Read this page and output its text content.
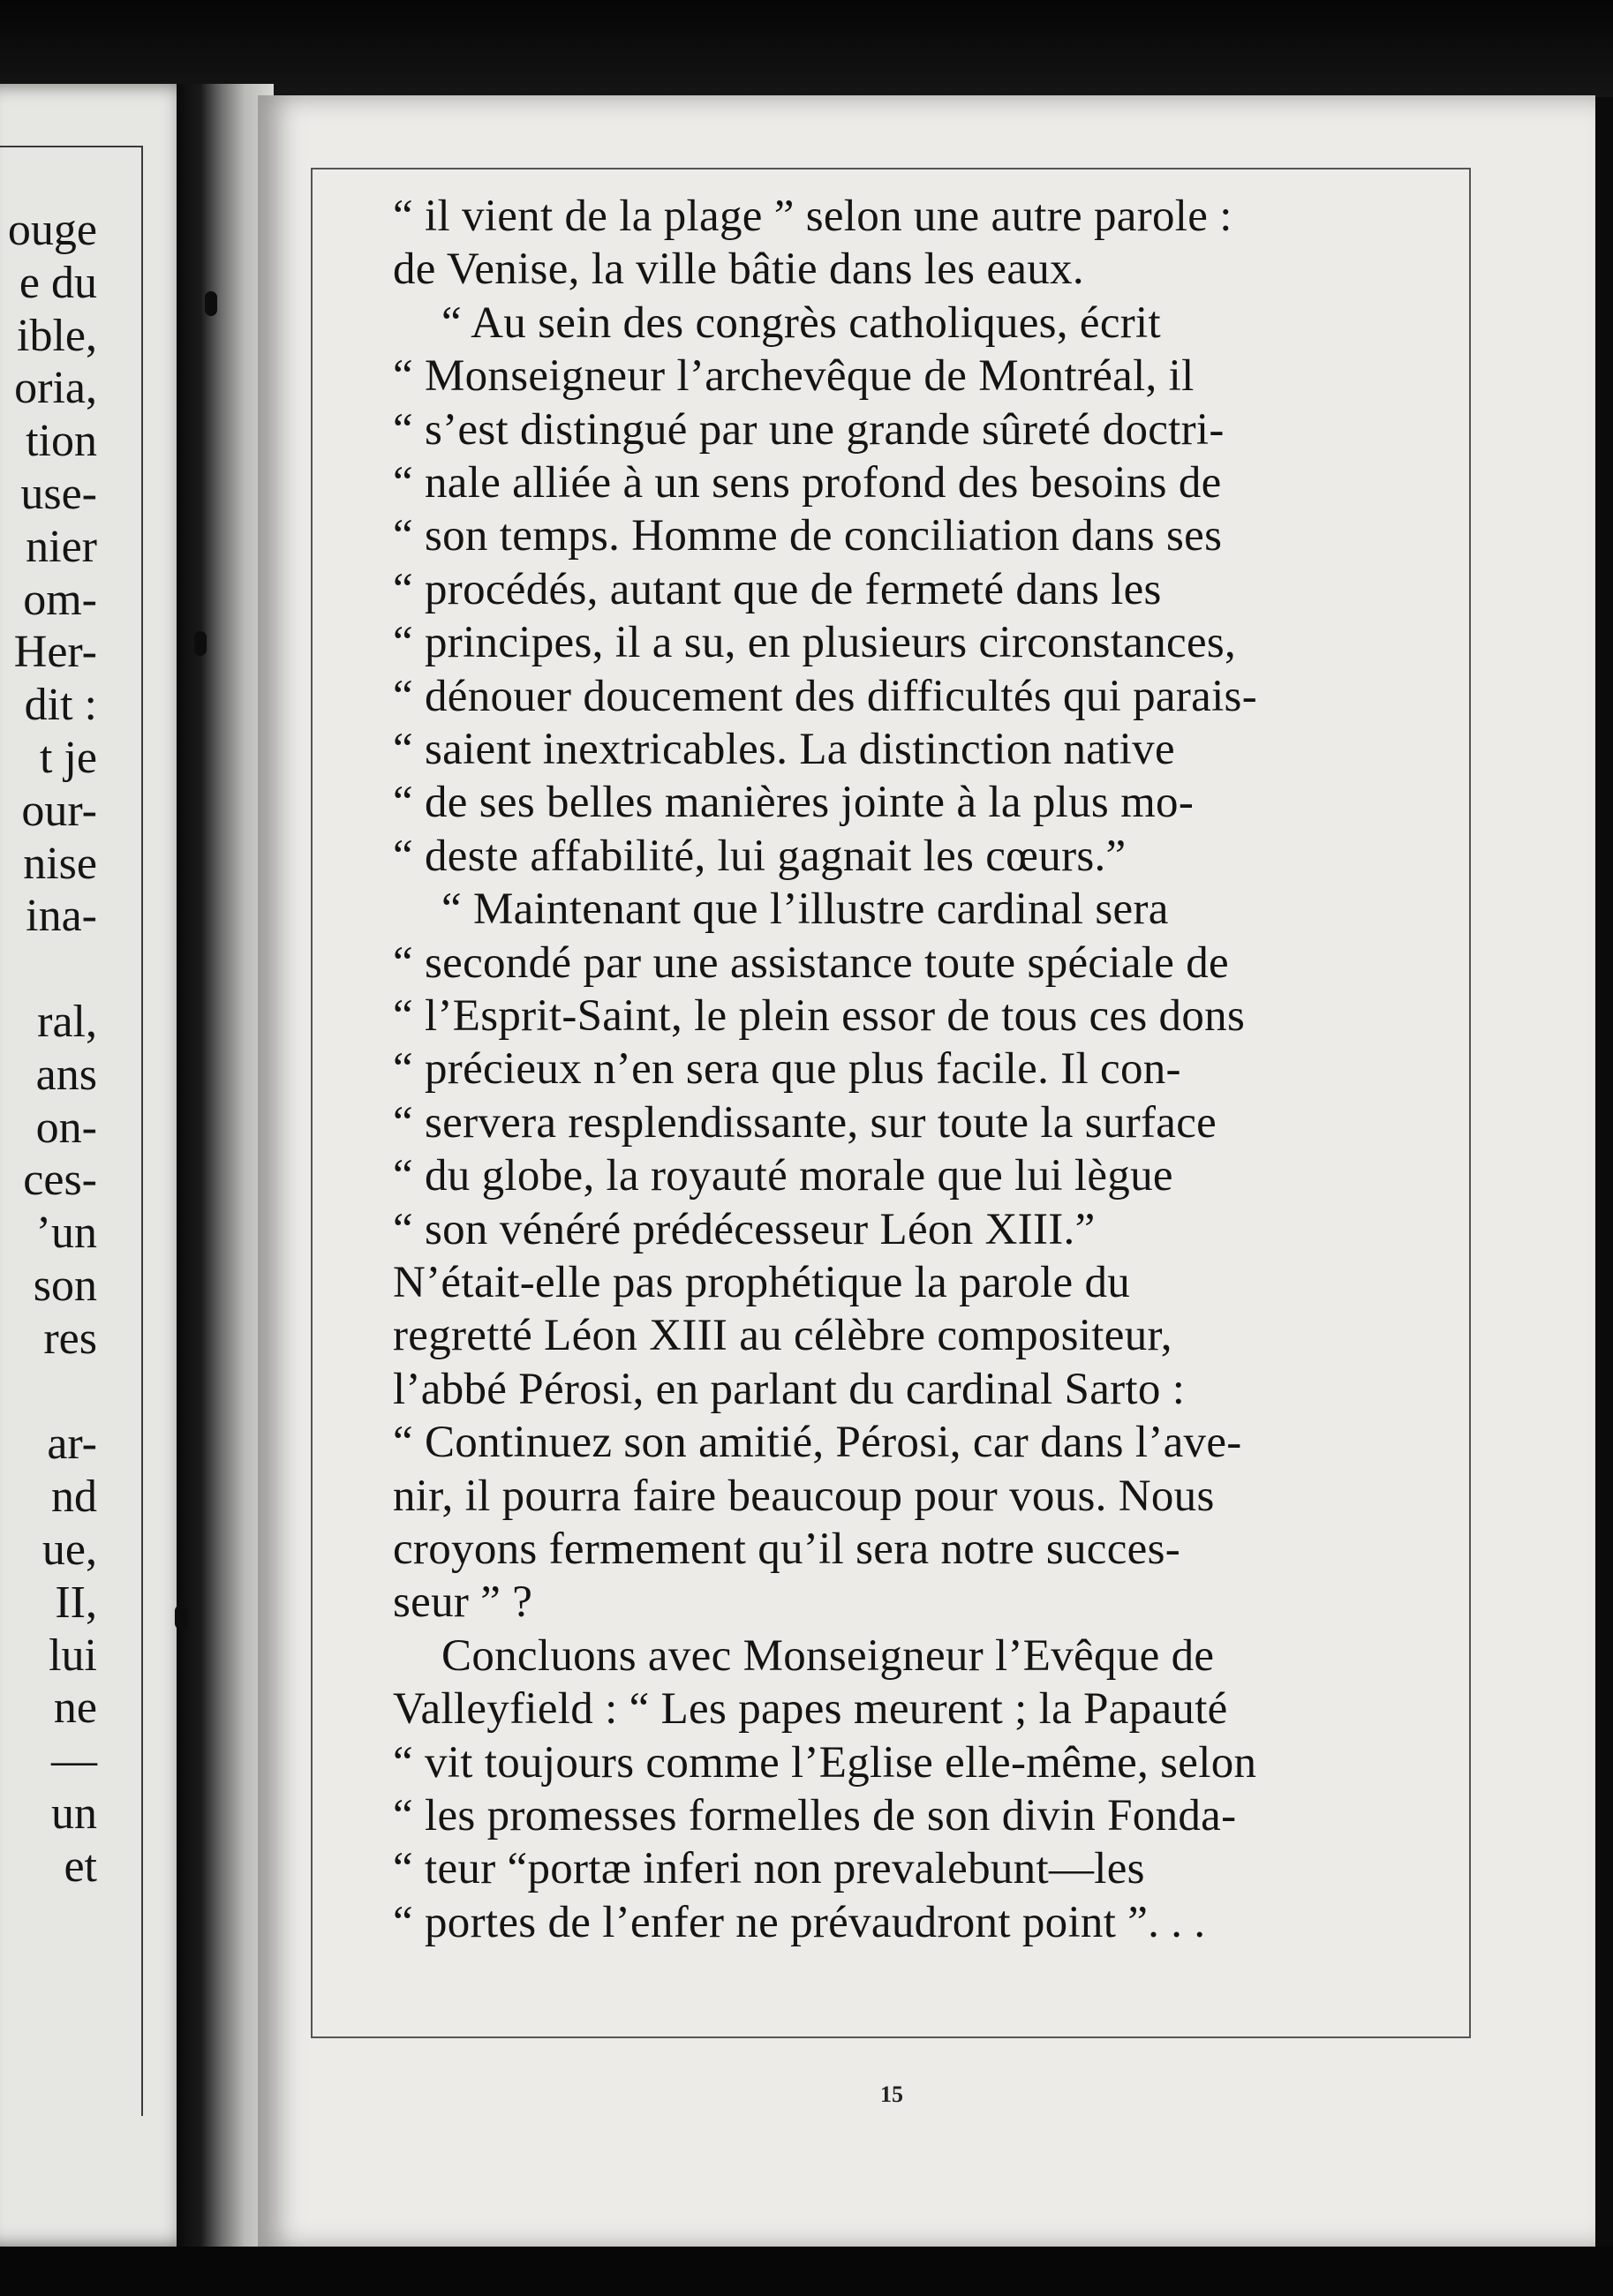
15
ouge
e du
ible,
oria,
tion
use-
nier
om-
Her-
dit :
t je
our-
nise
ina-
ral,
ans
on-
ces-
’un
son
res
ar-
nd
ue,
II,
lui
ne
—
un
et
“ il vient de la plage ” selon une autre parole :
de Venise, la ville bâtie dans les eaux.
“ Au sein des congrès catholiques, écrit
“ Monseigneur l’archevêque de Montréal, il
“ s’est distingué par une grande sûreté doctri-
“ nale alliée à un sens profond des besoins de
“ son temps. Homme de conciliation dans ses
“ procédés, autant que de fermeté dans les
“ principes, il a su, en plusieurs circonstances,
“ dénouer doucement des difficultés qui parais-
“ saient inextricables. La distinction native
“ de ses belles manières jointe à la plus mo-
“ deste affabilité, lui gagnait les cœurs.”
“ Maintenant que l’illustre cardinal sera
“ secondé par une assistance toute spéciale de
“ l’Esprit-Saint, le plein essor de tous ces dons
“ précieux n’en sera que plus facile. Il con-
“ servera resplendissante, sur toute la surface
“ du globe, la royauté morale que lui lègue
“ son vénéré prédécesseur Léon XIII.”
N’était-elle pas prophétique la parole du
regretté Léon XIII au célèbre compositeur,
l’abbé Pérosi, en parlant du cardinal Sarto :
“ Continuez son amitié, Pérosi, car dans l’ave-
nir, il pourra faire beaucoup pour vous. Nous
croyons fermement qu’il sera notre succes-
seur ” ?
Concluons avec Monseigneur l’Evêque de
Valleyfield : “ Les papes meurent ; la Papauté
“ vit toujours comme l’Eglise elle-même, selon
“ les promesses formelles de son divin Fonda-
“ teur “portæ inferi non prevalebunt—les
“ portes de l’enfer ne prévaudront point ”. . .
